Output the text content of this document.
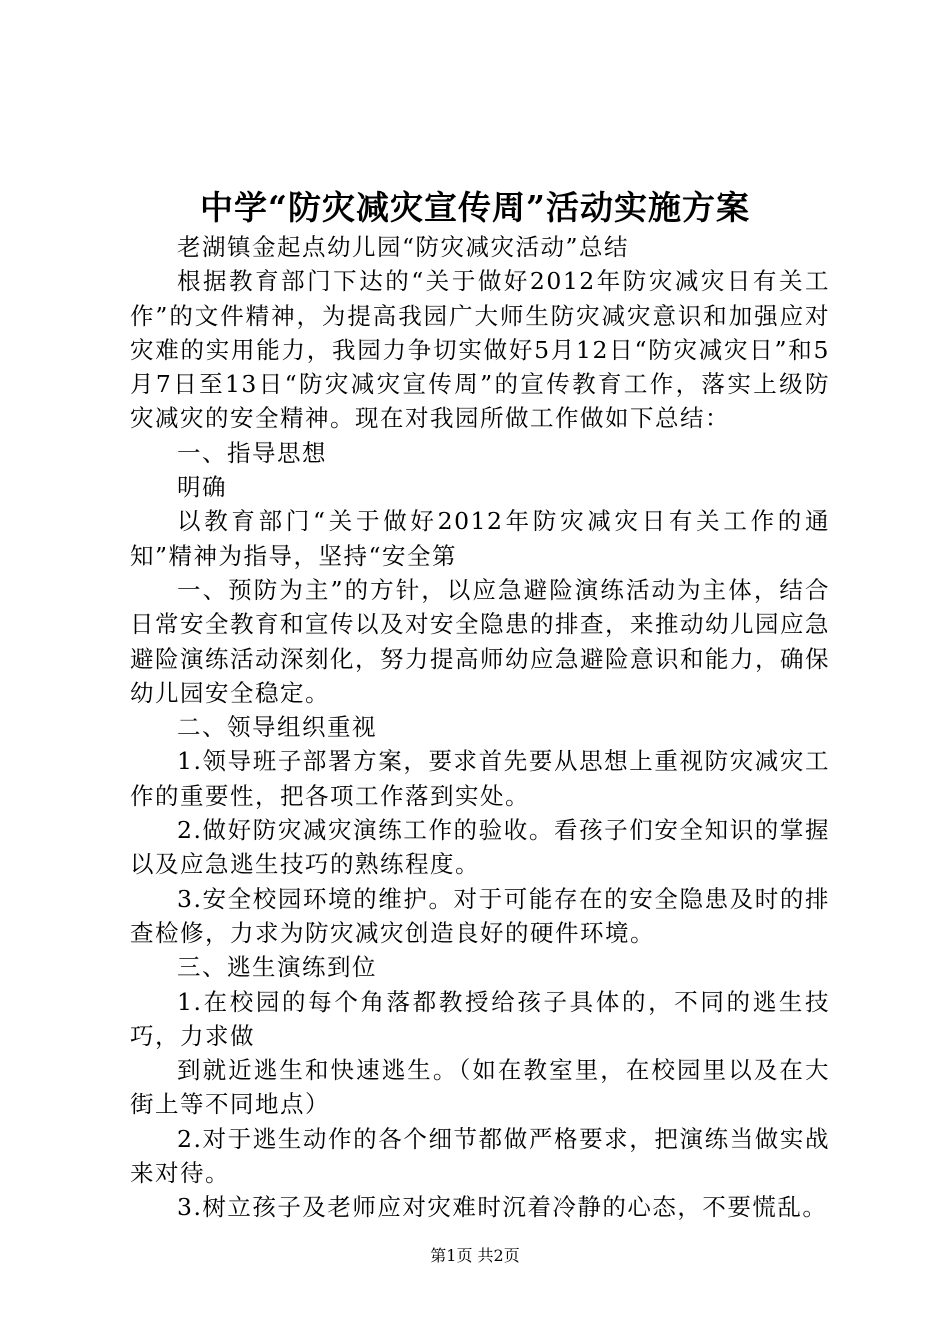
中学“防灾减灾宣传周”活动实施方案

老湖镇金起点幼儿园“防灾减灾活动”总结

根据教育部门下达的“关于做好2012年防灾减灾日有关工作”的文件精神，为提高我园广大师生防灾减灾意识和加强应对灾难的实用能力，我园力争切实做好5月12日“防灾减灾日”和5月7日至13日“防灾减灾宣传周”的宣传教育工作，落实上级防灾减灾的安全精神。现在对我园所做工作做如下总结：

一、指导思想

明确

以教育部门“关于做好2012年防灾减灾日有关工作的通知”精神为指导，坚持“安全第

一、预防为主”的方针，以应急避险演练活动为主体，结合日常安全教育和宣传以及对安全隐患的排查，来推动幼儿园应急避险演练活动深刻化，努力提高师幼应急避险意识和能力，确保幼儿园安全稳定。

二、领导组织重视

1.领导班子部署方案，要求首先要从思想上重视防灾减灾工作的重要性，把各项工作落到实处。

2.做好防灾减灾演练工作的验收。看孩子们安全知识的掌握以及应急逃生技巧的熟练程度。

3.安全校园环境的维护。对于可能存在的安全隐患及时的排查检修，力求为防灾减灾创造良好的硬件环境。

三、逃生演练到位

1.在校园的每个角落都教授给孩子具体的，不同的逃生技巧，力求做

到就近逃生和快速逃生。（如在教室里，在校园里以及在大街上等不同地点）

2.对于逃生动作的各个细节都做严格要求，把演练当做实战来对待。

3.树立孩子及老师应对灾难时沉着冷静的心态，不要慌乱。

第1页 共2页
